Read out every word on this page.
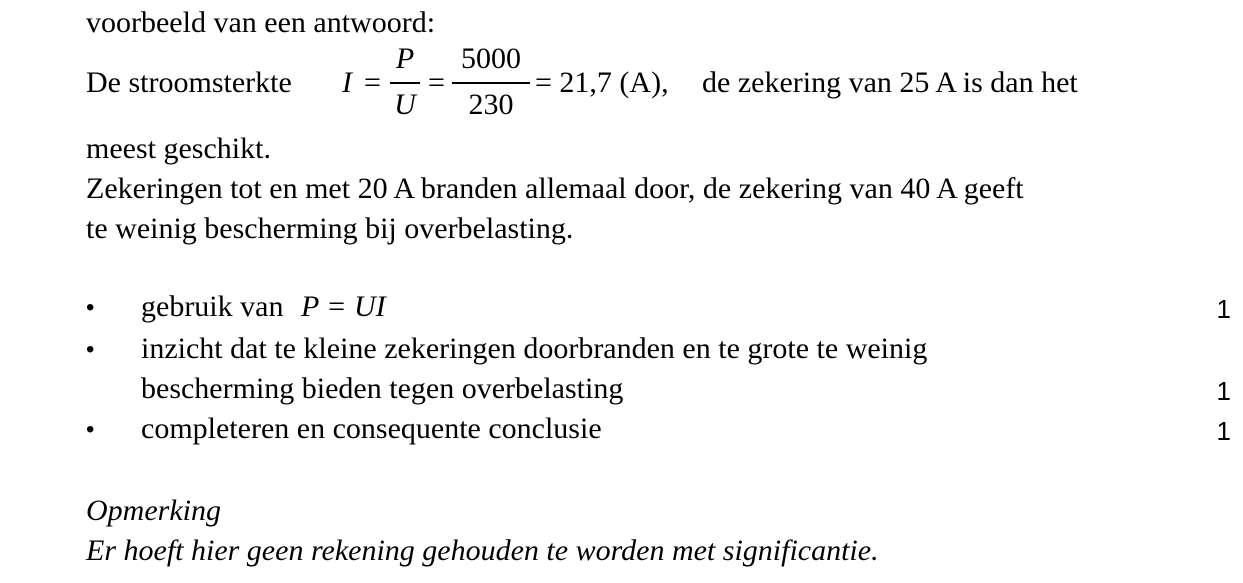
voorbeeld van een antwoord:
De stroomsterkte I =
P
U
=
5000
230
= 21,7 (A), de zekering van 25 A is dan het
meest geschikt.
Zekeringen tot en met 20 A branden allemaal door, de zekering van 40 A geeft
te weinig bescherming bij overbelasting.
• gebruik van P = UI	1
• inzicht dat te kleine zekeringen doorbranden en te grote te weinig
bescherming bieden tegen overbelasting	1
• completeren en consequente conclusie	1
Opmerking
Er hoeft hier geen rekening gehouden te worden met significantie.
